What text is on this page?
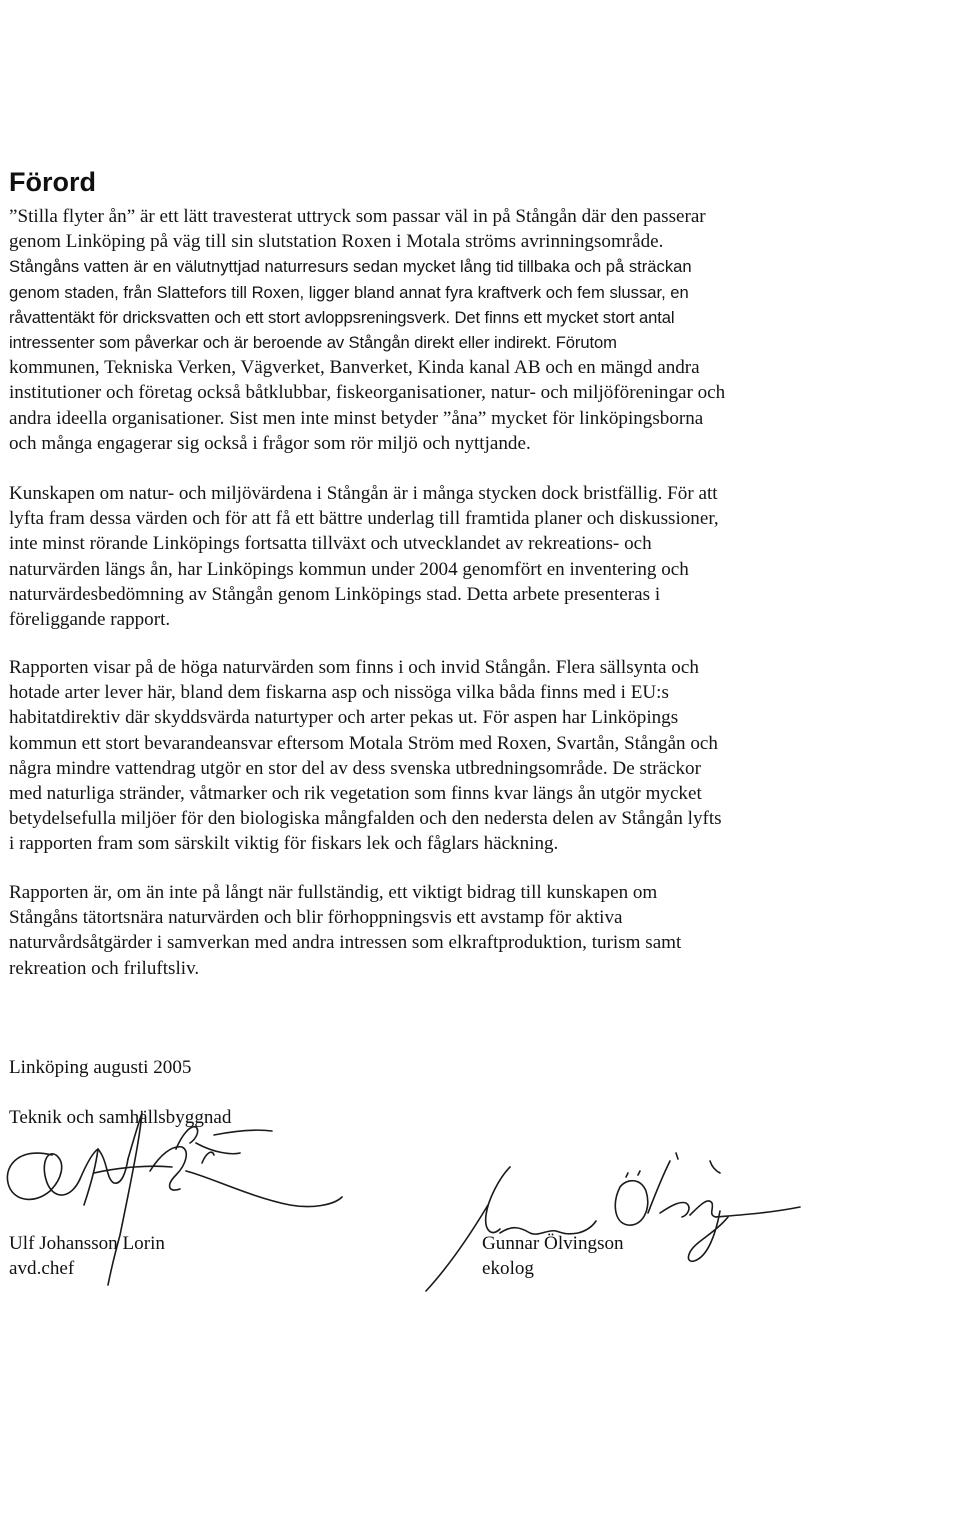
Förord

”Stilla flyter ån” är ett lätt travesterat uttryck som passar väl in på Stångån där den passerar
genom Linköping på väg till sin slutstation Roxen i Motala ströms avrinningsområde.
Stångåns vatten är en välutnyttjad naturresurs sedan mycket lång tid tillbaka och på sträckan
genom staden, från Slattefors till Roxen, ligger bland annat fyra kraftverk och fem slussar, en
råvattentäkt för dricksvatten och ett stort avloppsreningsverk. Det finns ett mycket stort antal
intressenter som påverkar och är beroende av Stångån direkt eller indirekt. Förutom
kommunen, Tekniska Verken, Vägverket, Banverket, Kinda kanal AB och en mängd andra
institutioner och företag också båtklubbar, fiskeorganisationer, natur- och miljöföreningar och
andra ideella organisationer. Sist men inte minst betyder ”åna” mycket för linköpingsborna
och många engagerar sig också i frågor som rör miljö och nyttjande.

Kunskapen om natur- och miljövärdena i Stångån är i många stycken dock bristfällig. För att
lyfta fram dessa värden och för att få ett bättre underlag till framtida planer och diskussioner,
inte minst rörande Linköpings fortsatta tillväxt och utvecklandet av rekreations- och
naturvärden längs ån, har Linköpings kommun under 2004 genomfört en inventering och
naturvärdesbedömning av Stångån genom Linköpings stad. Detta arbete presenteras i
föreliggande rapport.

Rapporten visar på de höga naturvärden som finns i och invid Stångån. Flera sällsynta och
hotade arter lever här, bland dem fiskarna asp och nissöga vilka båda finns med i EU:s
habitatdirektiv där skyddsvärda naturtyper och arter pekas ut. För aspen har Linköpings
kommun ett stort bevarandeansvar eftersom Motala Ström med Roxen, Svartån, Stångån och
några mindre vattendrag utgör en stor del av dess svenska utbredningsområde. De sträckor
med naturliga stränder, våtmarker och rik vegetation som finns kvar längs ån utgör mycket
betydelsefulla miljöer för den biologiska mångfalden och den nedersta delen av Stångån lyfts
i rapporten fram som särskilt viktig för fiskars lek och fåglars häckning.

Rapporten är, om än inte på långt när fullständig, ett viktigt bidrag till kunskapen om
Stångåns tätortsnära naturvärden och blir förhoppningsvis ett avstamp för aktiva
naturvårdsåtgärder i samverkan med andra intressen som elkraftproduktion, turism samt
rekreation och friluftsliv.

Linköping augusti 2005
Teknik och samhällsbyggnad
Ulf Johansson Lorin
avd.chef
Gunnar Ölvingson
ekolog
